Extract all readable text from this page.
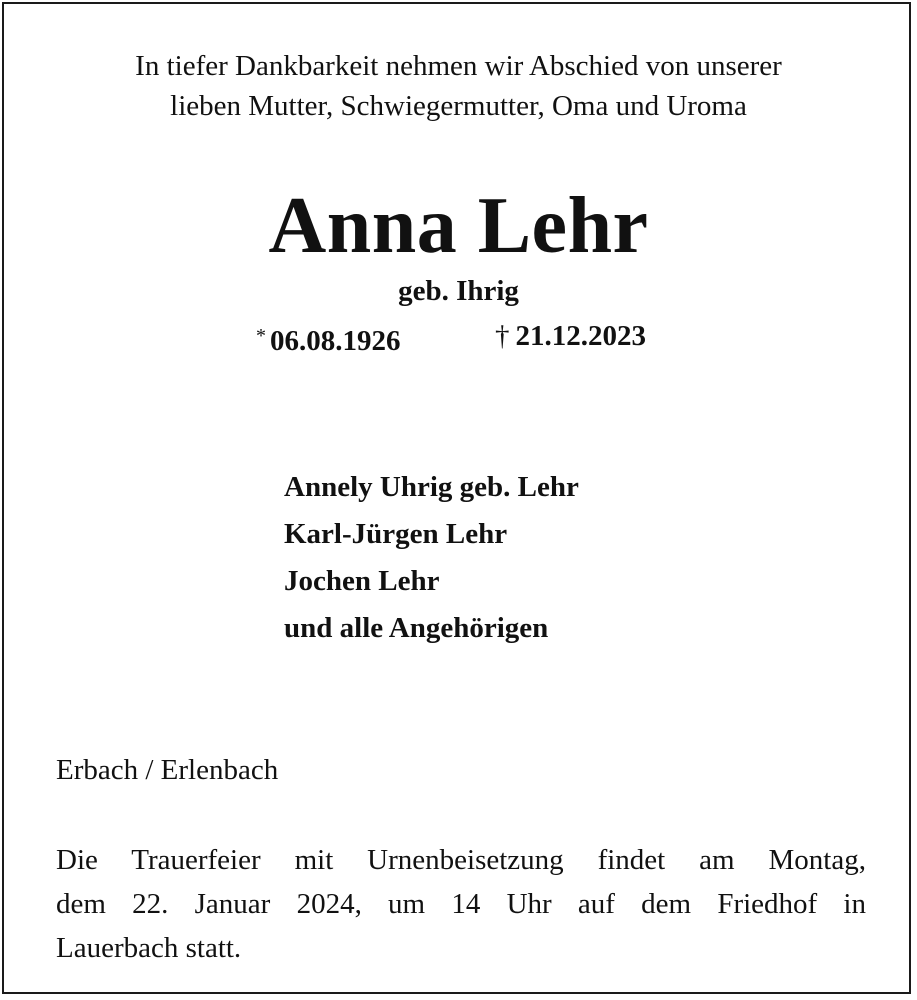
In tiefer Dankbarkeit nehmen wir Abschied von unserer
lieben Mutter, Schwiegermutter, Oma und Uroma
Anna Lehr
geb. Ihrig
* 06.08.1926	† 21.12.2023
Annely Uhrig geb. Lehr
Karl-Jürgen Lehr
Jochen Lehr
und alle Angehörigen
Erbach / Erlenbach
Die Trauerfeier mit Urnenbeisetzung findet am Montag,
dem 22. Januar 2024, um 14 Uhr auf dem Friedhof in
Lauerbach statt.
